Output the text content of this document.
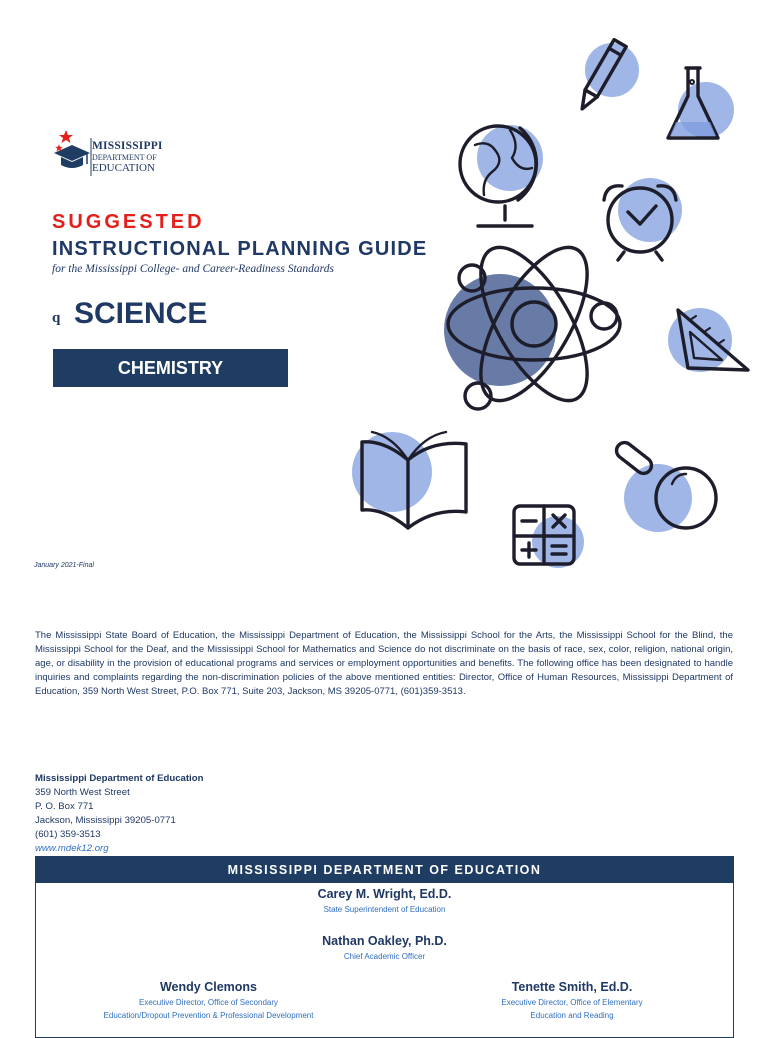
MISSISSIPPI
DEPARTMENT OF
EDUCATION
SUGGESTED
INSTRUCTIONAL PLANNING GUIDE
for the Mississippi College- and Career-Readiness Standards
q SCIENCE
CHEMISTRY
January 2021-Final
The Mississippi State Board of Education, the Mississippi Department of Education, the Mississippi School for the Arts, the Mississippi School for the Blind, the Mississippi School for the Deaf, and the Mississippi School for Mathematics and Science do not discriminate on the basis of race, sex, color, religion, national origin, age, or disability in the provision of educational programs and services or employment opportunities and benefits. The following office has been designated to handle inquiries and complaints regarding the non-discrimination policies of the above mentioned entities: Director, Office of Human Resources, Mississippi Department of Education, 359 North West Street, P.O. Box 771, Suite 203, Jackson, MS 39205-0771, (601)359-3513.
Mississippi Department of Education
359 North West Street
P. O. Box 771
Jackson, Mississippi 39205-0771
(601) 359-3513
www.mdek12.org
MISSISSIPPI DEPARTMENT OF EDUCATION
Carey M. Wright, Ed.D.
State Superintendent of Education
Nathan Oakley, Ph.D.
Chief Academic Officer
Wendy Clemons
Executive Director, Office of Secondary
Education/Dropout Prevention & Professional Development
Tenette Smith, Ed.D.
Executive Director, Office of Elementary
Education and Reading
